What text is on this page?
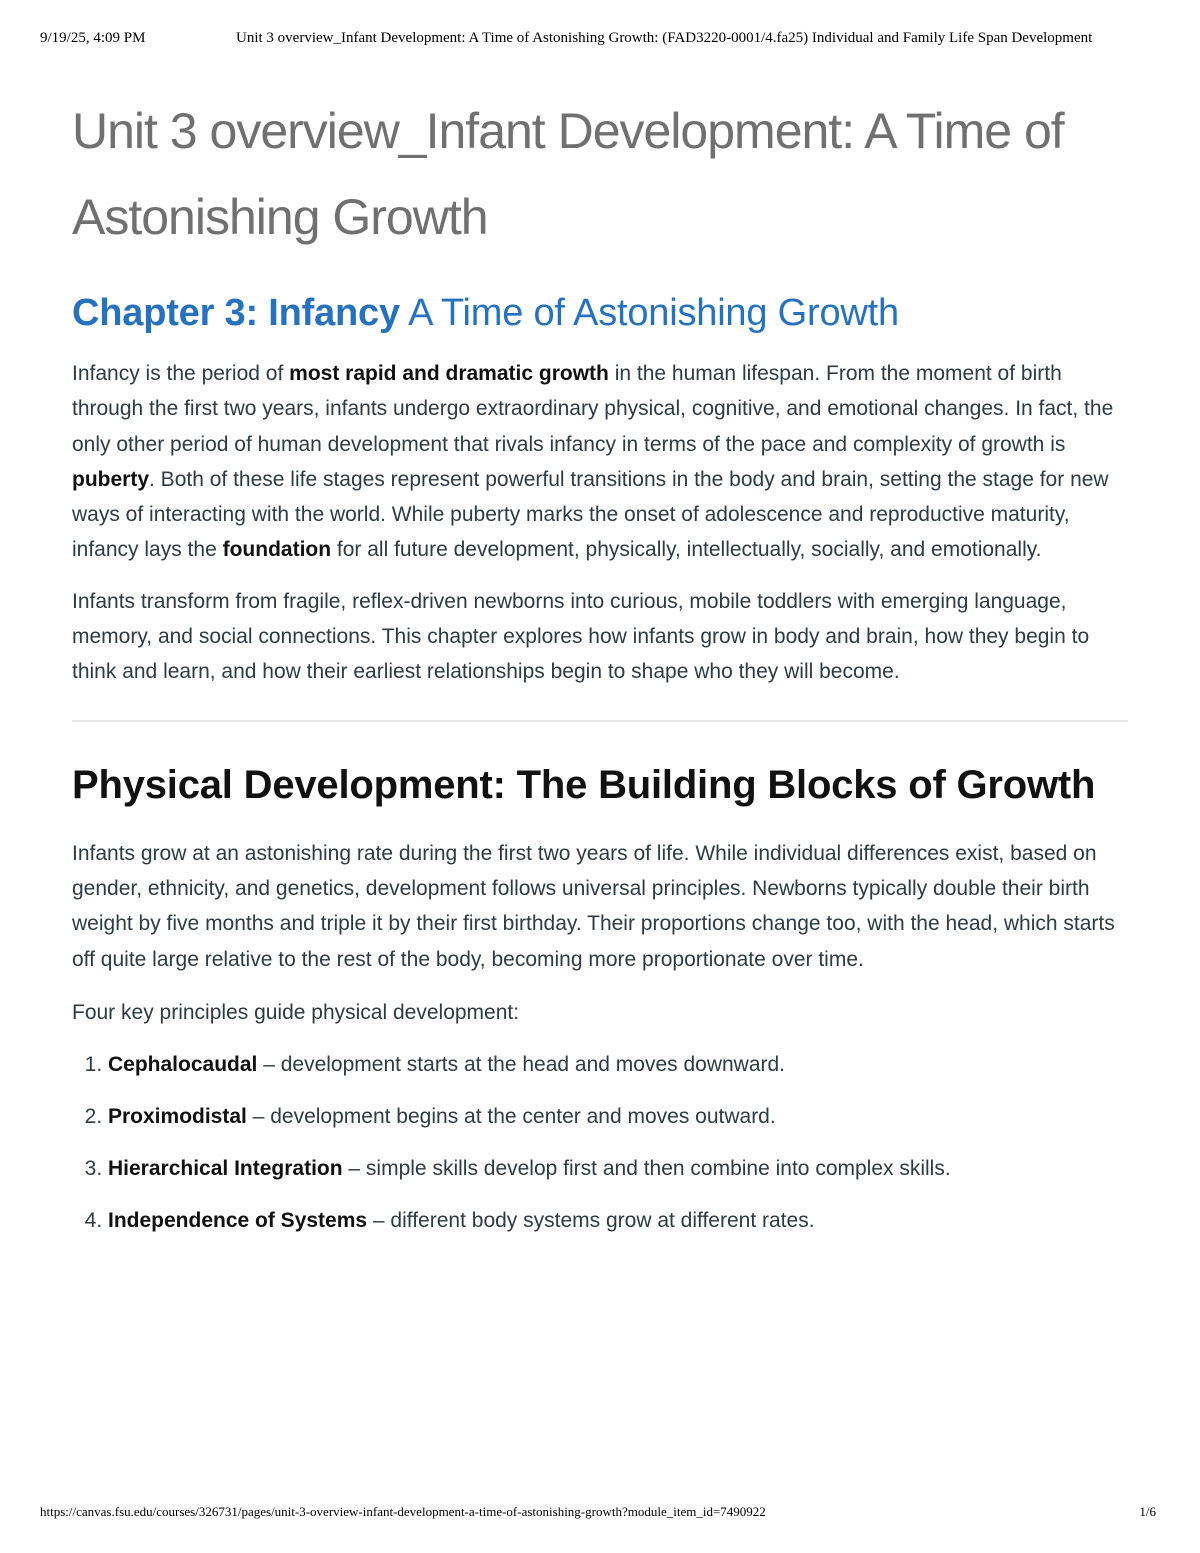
9/19/25, 4:09 PM	Unit 3 overview_Infant Development: A Time of Astonishing Growth: (FAD3220-0001/4.fa25) Individual and Family Life Span Development
Unit 3 overview_Infant Development: A Time of Astonishing Growth
Chapter 3: Infancy A Time of Astonishing Growth

Infancy is the period of most rapid and dramatic growth in the human lifespan. From the moment of birth through the first two years, infants undergo extraordinary physical, cognitive, and emotional changes. In fact, the only other period of human development that rivals infancy in terms of the pace and complexity of growth is puberty. Both of these life stages represent powerful transitions in the body and brain, setting the stage for new ways of interacting with the world. While puberty marks the onset of adolescence and reproductive maturity, infancy lays the foundation for all future development, physically, intellectually, socially, and emotionally.

Infants transform from fragile, reflex-driven newborns into curious, mobile toddlers with emerging language, memory, and social connections. This chapter explores how infants grow in body and brain, how they begin to think and learn, and how their earliest relationships begin to shape who they will become.

Physical Development: The Building Blocks of Growth

Infants grow at an astonishing rate during the first two years of life. While individual differences exist, based on gender, ethnicity, and genetics, development follows universal principles. Newborns typically double their birth weight by five months and triple it by their first birthday. Their proportions change too, with the head, which starts off quite large relative to the rest of the body, becoming more proportionate over time.

Four key principles guide physical development:

1. Cephalocaudal – development starts at the head and moves downward.
2. Proximodistal – development begins at the center and moves outward.
3. Hierarchical Integration – simple skills develop first and then combine into complex skills.
4. Independence of Systems – different body systems grow at different rates.
https://canvas.fsu.edu/courses/326731/pages/unit-3-overview-infant-development-a-time-of-astonishing-growth?module_item_id=7490922	1/6
